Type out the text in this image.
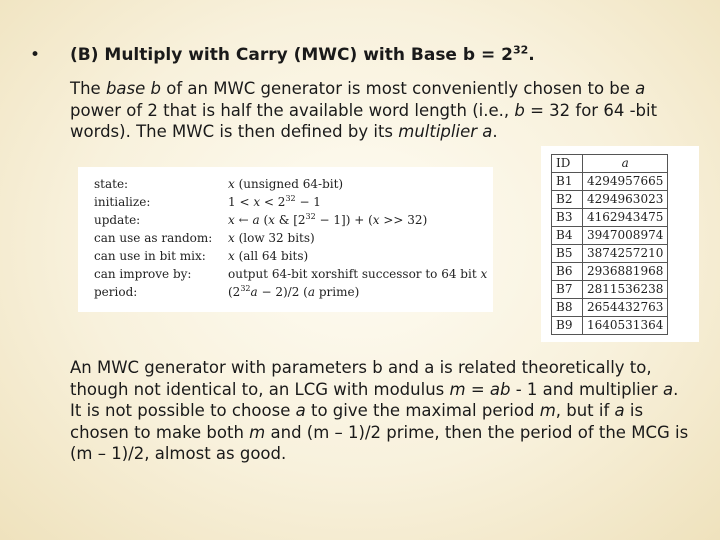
• (B) Multiply with Carry (MWC) with Base $b = 2^{32}$.
The base b of an MWC generator is most conveniently chosen to be a power of 2 that is half the available word length (i.e., b = 32 for 64 -bit words). The MWC is then defined by its multiplier a.
state:	x (unsigned 64-bit)
initialize:	$1 < x < 2^{32} - 1$
update:	x ← a (x & $[2^{32} - 1]) + (x >> 32)$
can use as random: x (low 32 bits)
can use in bit mix: x (all 64 bits)
can improve by:	output 64-bit xorshift successor to 64 bit x
period:	$(2^{32}a - 2)/2$ (a prime)
ID	a
B1	4294957665
B2	4294963023
B3	4162943475
B4	3947008974
B5	3874257210
B6	2936881968
B7	2811536238
B8	2654432763
B9	1640531364
An MWC generator with parameters b and a is related theoretically to, though not identical to, an LCG with modulus m = ab - 1 and multiplier a. It is not possible to choose a to give the maximal period m, but if a is chosen to make both m and (m – 1)/2 prime, then the period of the MCG is (m – 1)/2, almost as good.
